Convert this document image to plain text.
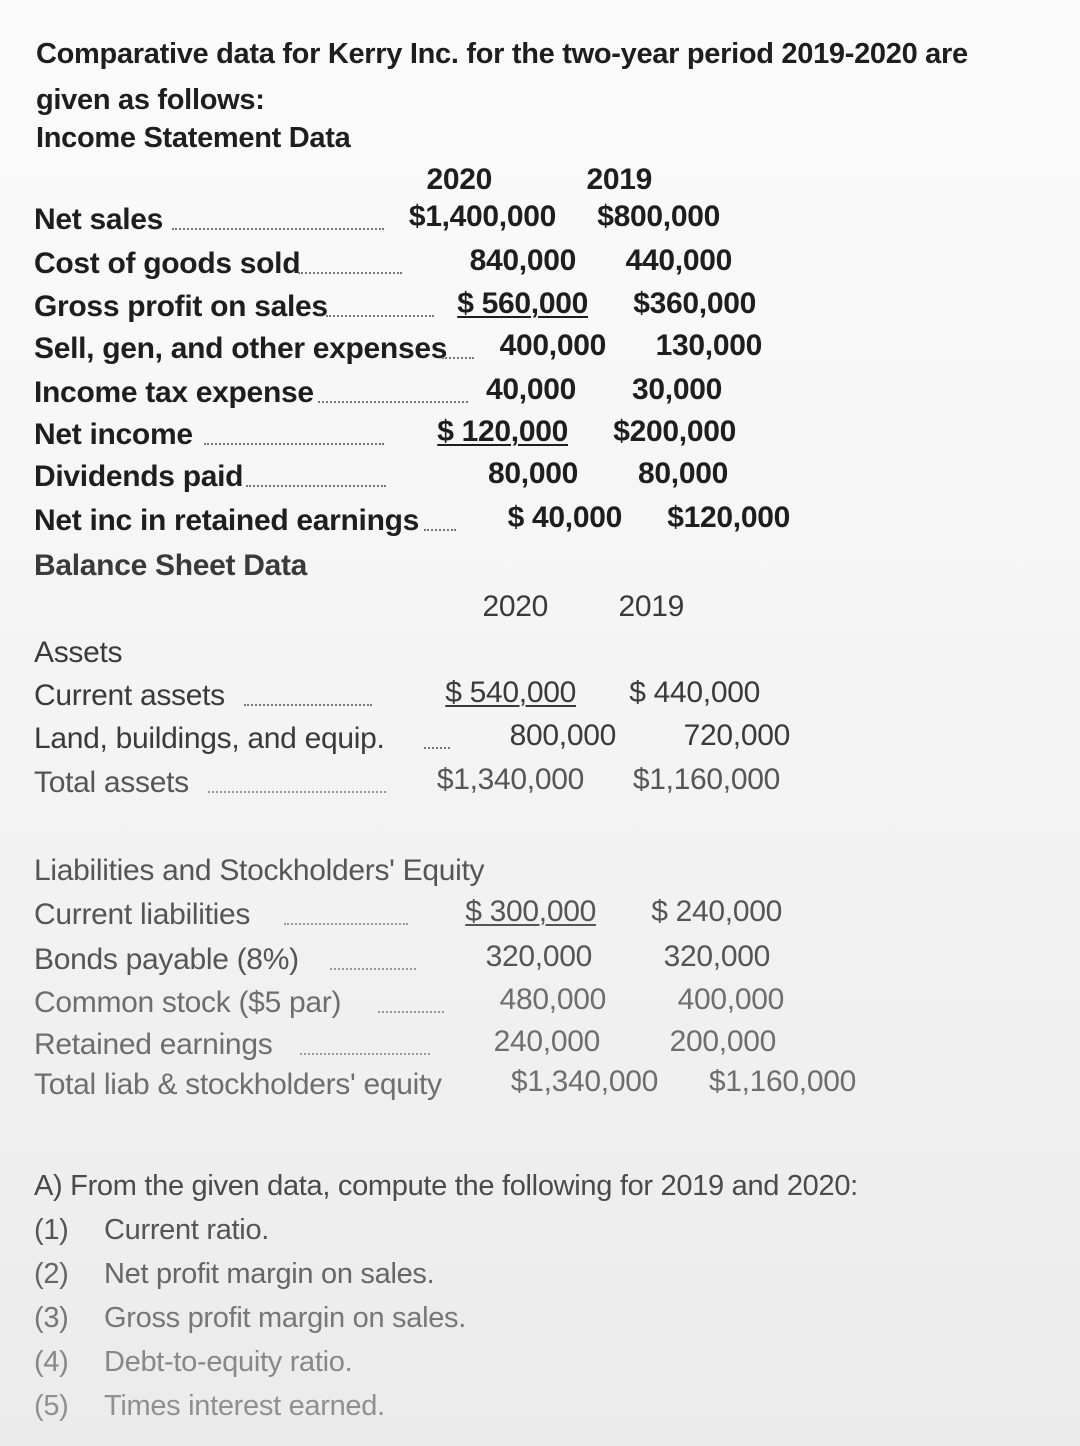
Comparative data for Kerry Inc. for the two-year period 2019-2020 are
given as follows:
Income Statement Data
2020	2019
Net sales	$1,400,000	$800,000
Cost of goods sold	840,000	440,000
Gross profit on sales	$ 560,000	$360,000
Sell, gen, and other expenses	400,000	130,000
Income tax expense	40,000	30,000
Net income	$ 120,000	$200,000
Dividends paid	80,000	80,000
Net inc in retained earnings	$ 40,000	$120,000
Balance Sheet Data
2020	2019
Assets
Current assets	$ 540,000	$ 440,000
Land, buildings, and equip.	800,000	720,000
Total assets	$1,340,000	$1,160,000
Liabilities and Stockholders' Equity
Current liabilities	$ 300,000	$ 240,000
Bonds payable (8%)	320,000	320,000
Common stock ($5 par)	480,000	400,000
Retained earnings	240,000	200,000
Total liab & stockholders' equity	$1,340,000	$1,160,000
A) From the given data, compute the following for 2019 and 2020:
(1) Current ratio.
(2) Net profit margin on sales.
(3) Gross profit margin on sales.
(4) Debt-to-equity ratio.
(5) Times interest earned.
